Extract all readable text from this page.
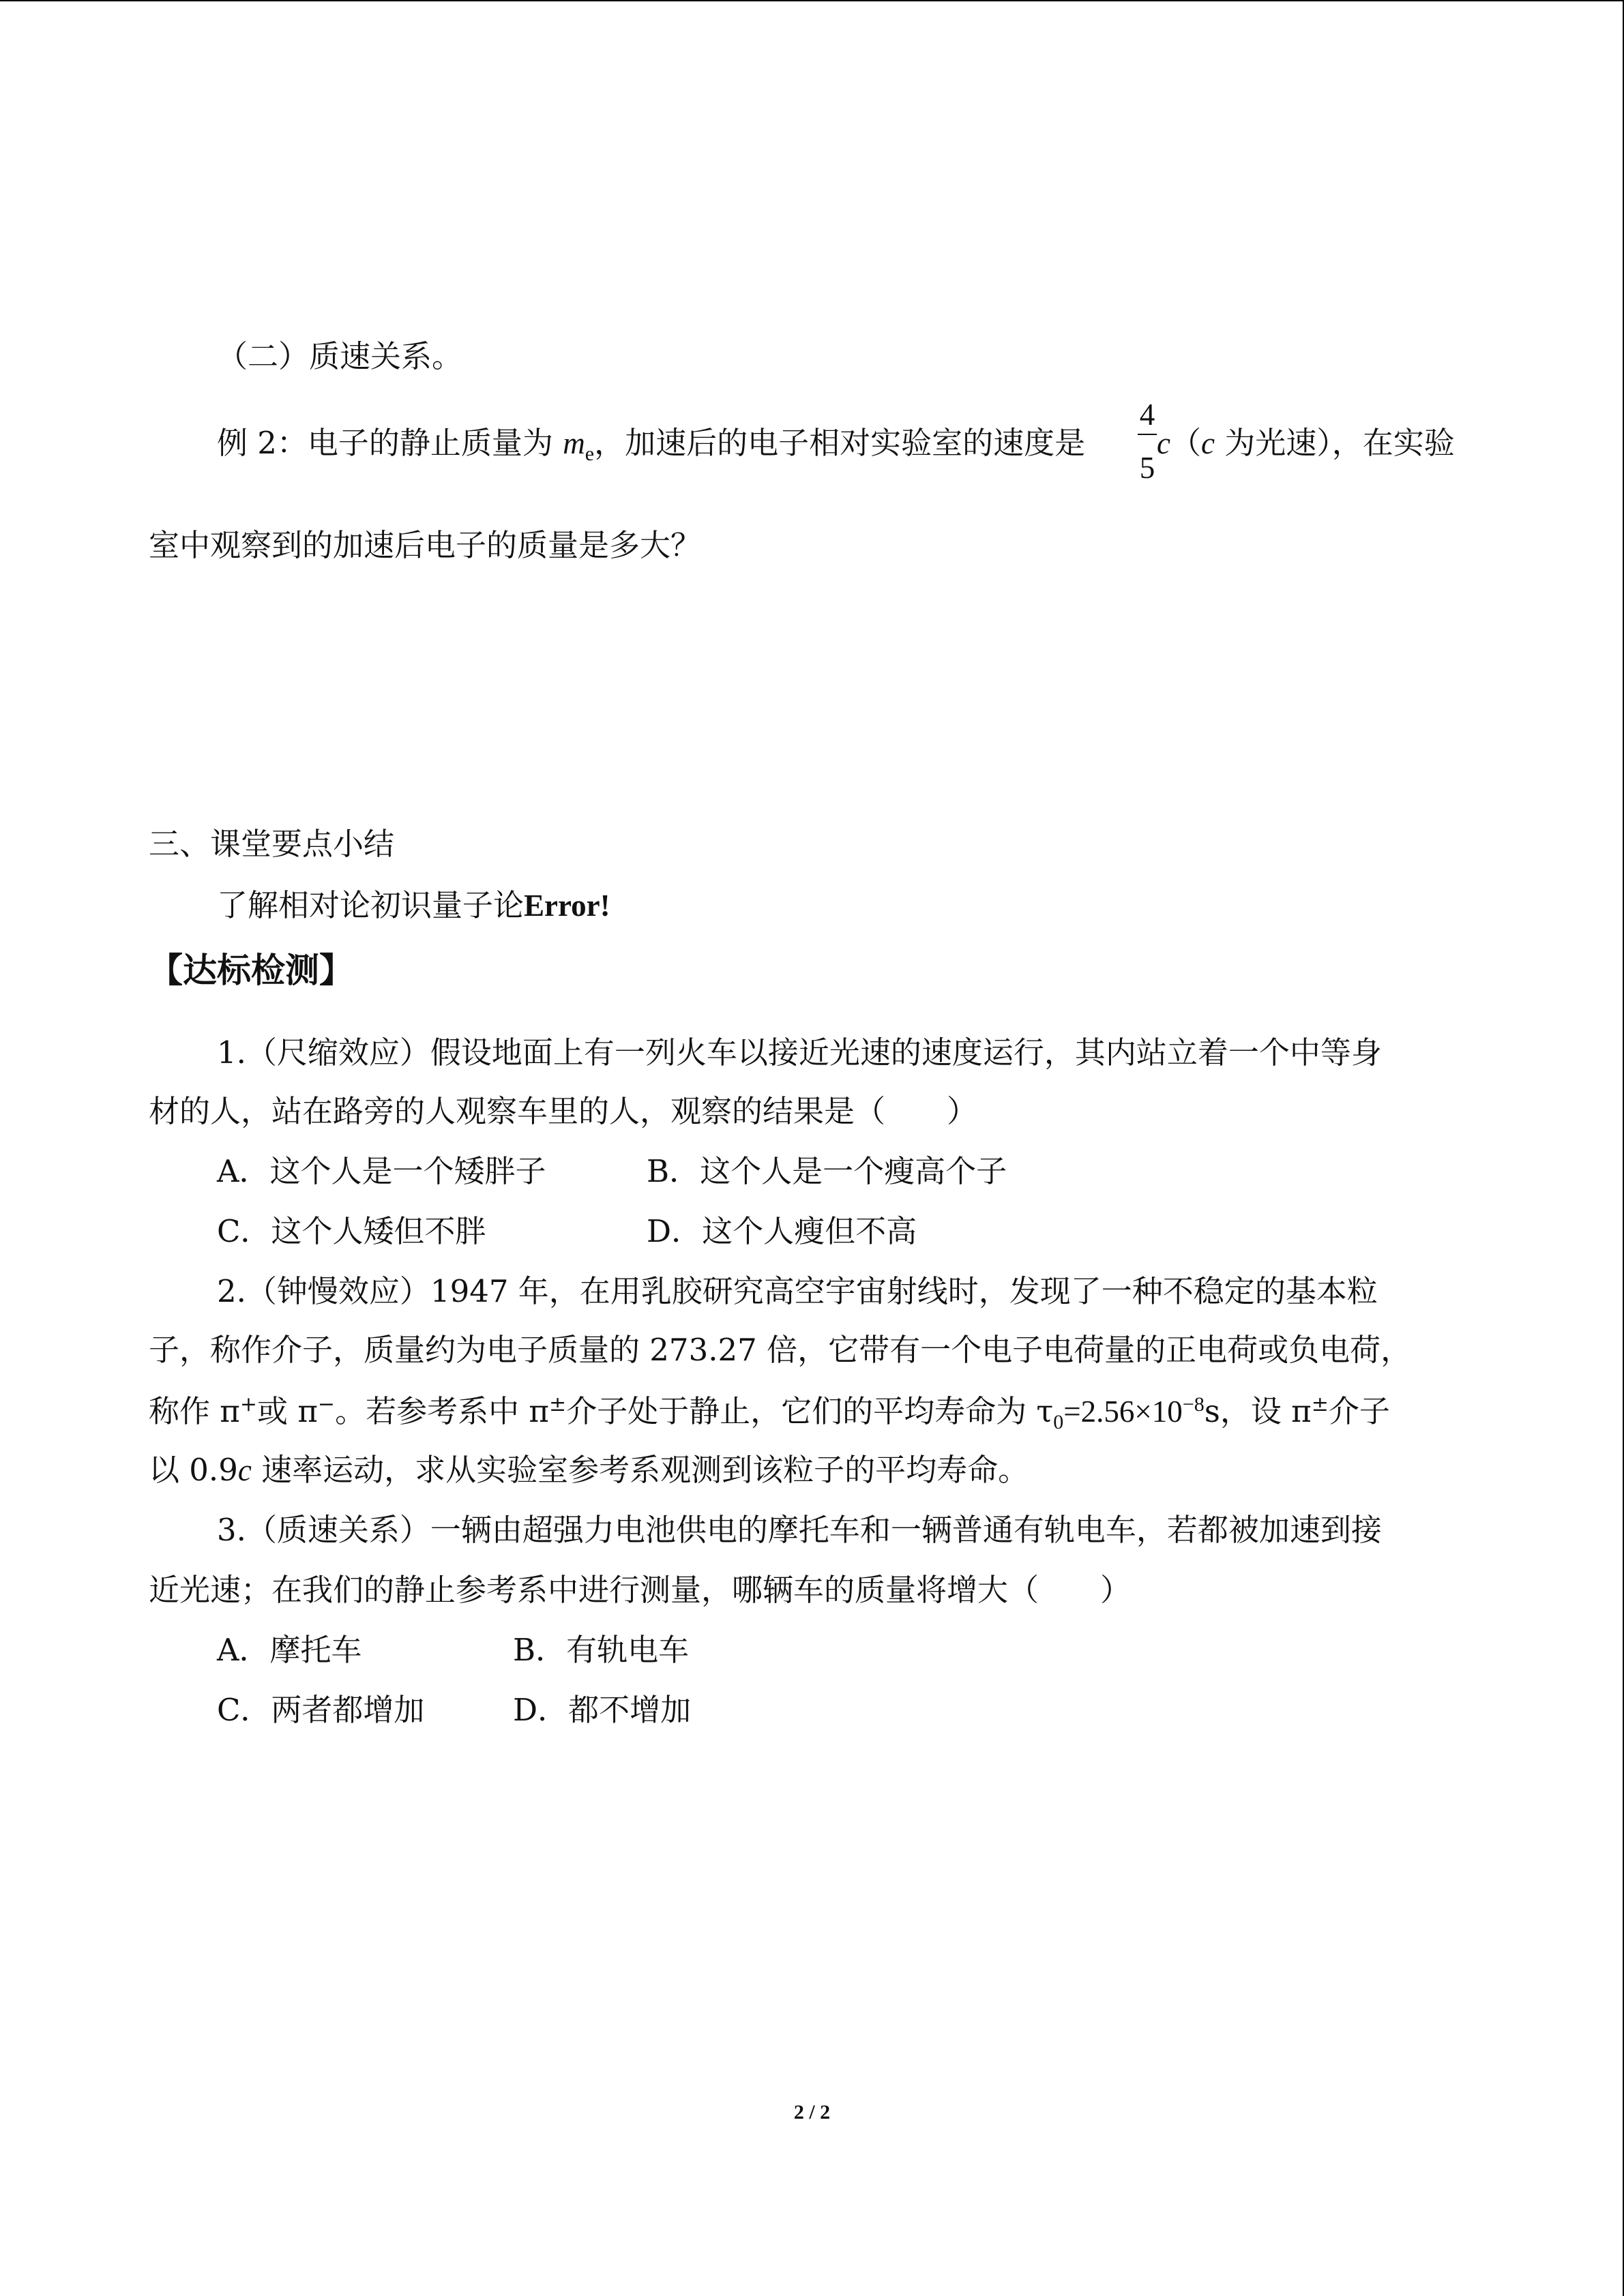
（二）质速关系。
例 2：电子的静止质量为 $m_e$，加速后的电子相对实验室的速度是
4
5
c（c 为光速），在实验
室中观察到的加速后电子的质量是多大？
三、课堂要点小结
了解相对论初识量子论Error!
【达标检测】
1.（尺缩效应）假设地面上有一列火车以接近光速的速度运行，其内站立着一个中等身
材的人，站在路旁的人观察车里的人，观察的结果是（　　）
A．这个人是一个矮胖子	B．这个人是一个瘦高个子
C．这个人矮但不胖	D．这个人瘦但不高
2.（钟慢效应）1947 年，在用乳胶研究高空宇宙射线时，发现了一种不稳定的基本粒
子，称作介子，质量约为电子质量的 273.27 倍，它带有一个电子电荷量的正电荷或负电荷，
称作 π+或 π−。若参考系中 π±介子处于静止，它们的平均寿命为 $\tau_0=2.56\times 10^{-8}s$，设 π±介子
以 0.9c 速率运动，求从实验室参考系观测到该粒子的平均寿命。
3.（质速关系）一辆由超强力电池供电的摩托车和一辆普通有轨电车，若都被加速到接
近光速；在我们的静止参考系中进行测量，哪辆车的质量将增大（　　）
A．摩托车	B．有轨电车
C．两者都增加	D．都不增加
2 / 2
